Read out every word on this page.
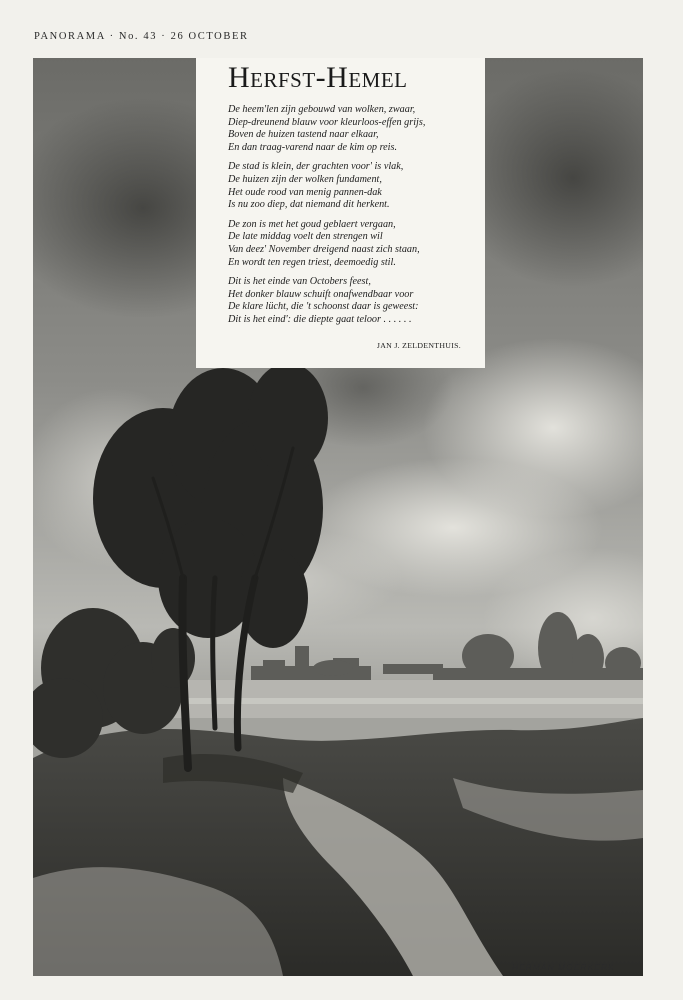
PANORAMA · No. 43 · 26 OCTOBER
Herfst-Hemel
De heem'len zijn gebouwd van wolken, zwaar,
Diep-dreunend blauw voor kleurloos-effen grijs,
Boven de huizen tastend naar elkaar,
En dan traag-varend naar de kim op reis.
De stad is klein, der grachten voor' is vlak,
De huizen zijn der wolken fundament,
Het oude rood van menig pannen-dak
Is nu zoo diep, dat niemand dit herkent.
De zon is met het goud geblaert vergaan,
De late middag voelt den strengen wil
Van deez' November dreigend naast zich staan,
En wordt ten regen triest, deemoedig stil.
Dit is het einde van Octobers feest,
Het donker blauw schuift onafwendbaar voor
De klare lücht, die 't schoonst daar is geweest:
Dit is het eind': die diepte gaat teloor . . . . . .
JAN J. ZELDENTHUIS.
HERMAN MOERKERK
